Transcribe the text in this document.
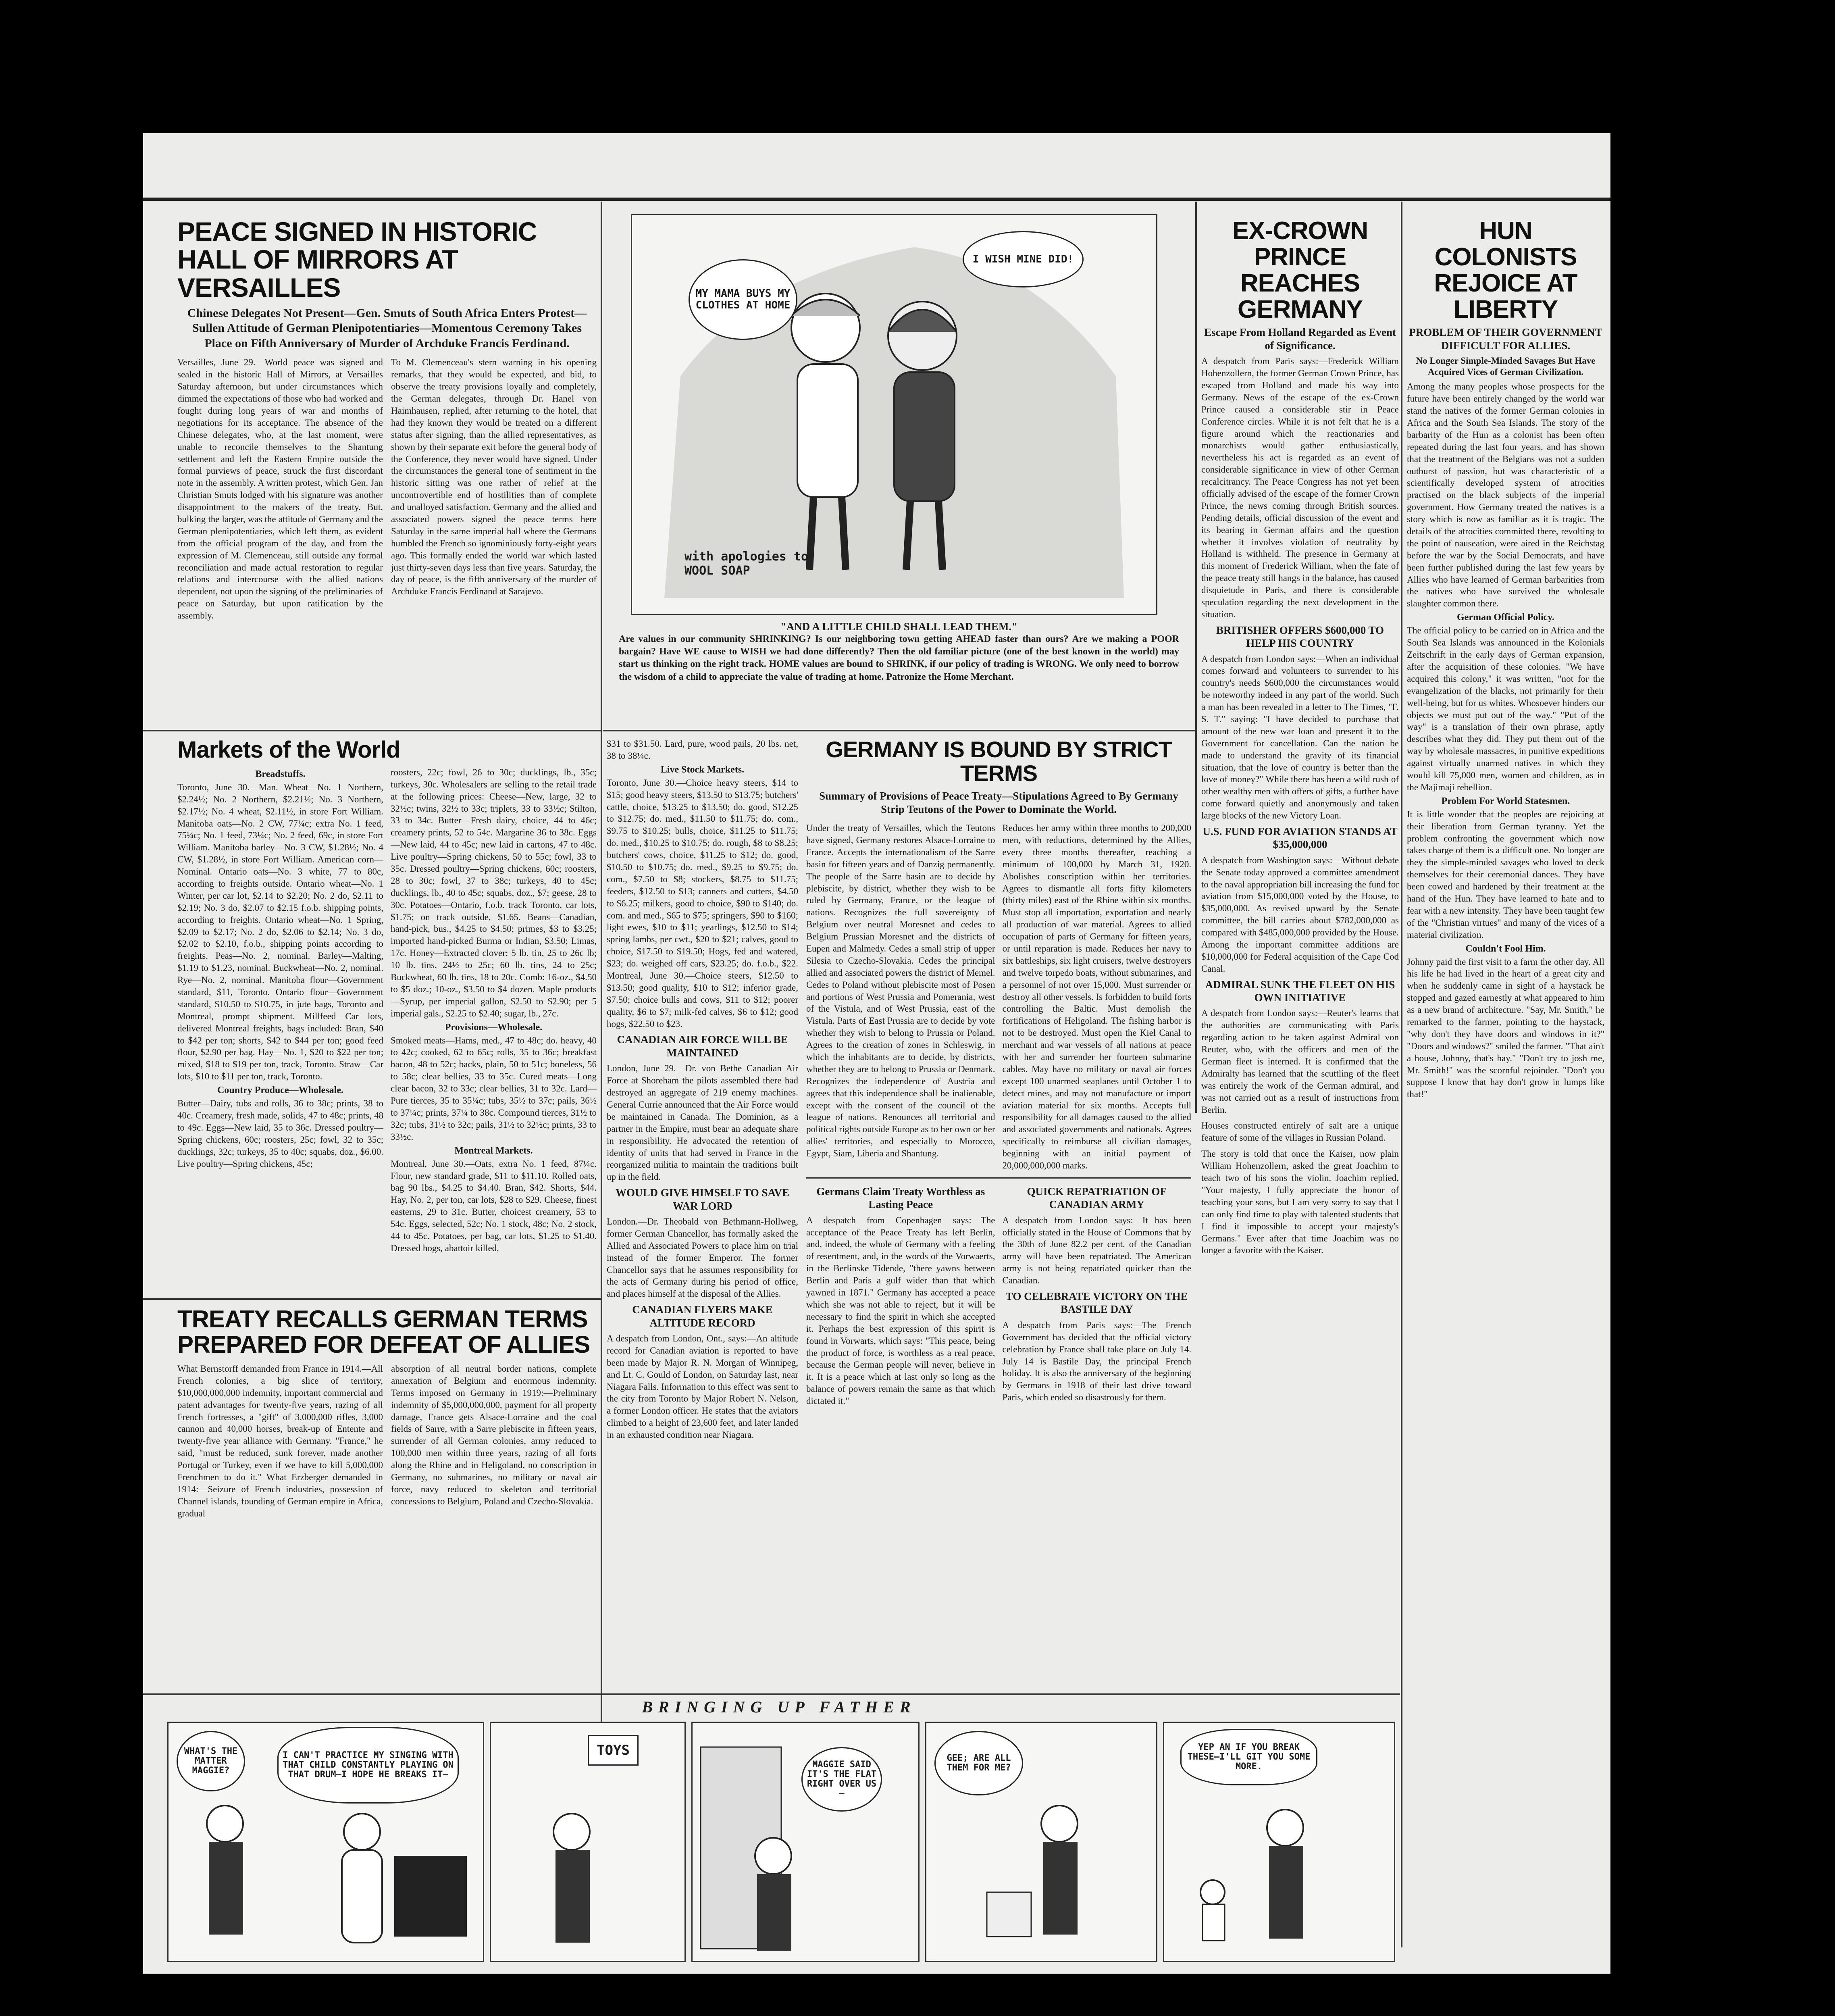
PEACE SIGNED IN HISTORIC HALL OF MIRRORS AT VERSAILLES
Chinese Delegates Not Present—Gen. Smuts of South Africa Enters Protest—Sullen Attitude of German Plenipotentiaries—Momentous Ceremony Takes Place on Fifth Anniversary of Murder of Archduke Francis Ferdinand.

Versailles, June 29.—World peace was signed and sealed in the historic Hall of Mirrors, at Versailles Saturday afternoon, but under circumstances which dimmed the expectations of those who had worked and fought during long years of war and months of negotiations for its acceptance. The absence of the Chinese delegates, who, at the last moment, were unable to reconcile themselves to the Shantung settlement and left the Eastern Empire outside the formal purviews of peace, struck the first discordant note in the assembly. A written protest, which Gen. Jan Christian Smuts lodged with his signature was another disappointment to the makers of the treaty. But, bulking the larger, was the attitude of Germany and the German plenipotentiaries, which left them, as evident from the official program of the day, and from the expression of M. Clemenceau, still outside any formal reconciliation and made actual restoration to regular relations and intercourse with the allied nations dependent, not upon the signing of the preliminaries of peace on Saturday, but upon ratification by the assembly.

To M. Clemenceau's stern warning in his opening remarks, that they would be expected, and bid, to observe the treaty provisions loyally and completely, the German delegates, through Dr. Hanel von Haimhausen, replied, after returning to the hotel, that had they known they would be treated on a different status after signing, than the allied representatives, as shown by their separate exit before the general body of the Conference, they never would have signed. Under the circumstances the general tone of sentiment in the historic sitting was one rather of relief at the uncontrovertible end of hostilities than of complete and unalloyed satisfaction. Germany and the allied and associated powers signed the peace terms here Saturday in the same imperial hall where the Germans humbled the French so ignominiously forty-eight years ago. This formally ended the world war which lasted just thirty-seven days less than five years. Saturday, the day of peace, is the fifth anniversary of the murder of Archduke Francis Ferdinand at Sarajevo.

MY MAMA BUYS MY CLOTHES AT HOME
I WISH MINE DID!
with apologies to WOOL SOAP
"AND A LITTLE CHILD SHALL LEAD THEM."

Are values in our community SHRINKING? Is our neighboring town getting AHEAD faster than ours? Are we making a POOR bargain? Have WE cause to WISH we had done differently? Then the old familiar picture (one of the best known in the world) may start us thinking on the right track. HOME values are bound to SHRINK, if our policy of trading is WRONG. We only need to borrow the wisdom of a child to appreciate the value of trading at home. Patronize the Home Merchant.

EX-CROWN PRINCE REACHES GERMANY
Escape From Holland Regarded as Event of Significance.

A despatch from Paris says:—Frederick William Hohenzollern, the former German Crown Prince, has escaped from Holland and made his way into Germany. News of the escape of the ex-Crown Prince caused a considerable stir in Peace Conference circles. While it is not felt that he is a figure around which the reactionaries and monarchists would gather enthusiastically, nevertheless his act is regarded as an event of considerable significance in view of other German recalcitrancy. The Peace Congress has not yet been officially advised of the escape of the former Crown Prince, the news coming through British sources. Pending details, official discussion of the event and its bearing in German affairs and the question whether it involves violation of neutrality by Holland is withheld. The presence in Germany at this moment of Frederick William, when the fate of the peace treaty still hangs in the balance, has caused disquietude in Paris, and there is considerable speculation regarding the next development in the situation.

BRITISHER OFFERS $600,000 TO HELP HIS COUNTRY

A despatch from London says:—When an individual comes forward and volunteers to surrender to his country's needs $600,000 the circumstances would be noteworthy indeed in any part of the world. Such a man has been revealed in a letter to The Times, "F. S. T." saying: "I have decided to purchase that amount of the new war loan and present it to the Government for cancellation. Can the nation be made to understand the gravity of its financial situation, that the love of country is better than the love of money?" While there has been a wild rush of other wealthy men with offers of gifts, a further have come forward quietly and anonymously and taken large blocks of the new Victory Loan.

U.S. FUND FOR AVIATION STANDS AT $35,000,000

A despatch from Washington says:—Without debate the Senate today approved a committee amendment to the naval appropriation bill increasing the fund for aviation from $15,000,000 voted by the House, to $35,000,000. As revised upward by the Senate committee, the bill carries about $782,000,000 as compared with $485,000,000 provided by the House. Among the important committee additions are $10,000,000 for Federal acquisition of the Cape Cod Canal.

ADMIRAL SUNK THE FLEET ON HIS OWN INITIATIVE

A despatch from London says:—Reuter's learns that the authorities are communicating with Paris regarding action to be taken against Admiral von Reuter, who, with the officers and men of the German fleet is interned. It is confirmed that the Admiralty has learned that the scuttling of the fleet was entirely the work of the German admiral, and was not carried out as a result of instructions from Berlin.

Houses constructed entirely of salt are a unique feature of some of the villages in Russian Poland.

The story is told that once the Kaiser, now plain William Hohenzollern, asked the great Joachim to teach two of his sons the violin. Joachim replied, "Your majesty, I fully appreciate the honor of teaching your sons, but I am very sorry to say that I can only find time to play with talented students that I find it impossible to accept your majesty's Germans." Ever after that time Joachim was no longer a favorite with the Kaiser.

HUN COLONISTS REJOICE AT LIBERTY
PROBLEM OF THEIR GOVERNMENT DIFFICULT FOR ALLIES.
No Longer Simple-Minded Savages But Have Acquired Vices of German Civilization.

Among the many peoples whose prospects for the future have been entirely changed by the world war stand the natives of the former German colonies in Africa and the South Sea Islands. The story of the barbarity of the Hun as a colonist has been often repeated during the last four years, and has shown that the treatment of the Belgians was not a sudden outburst of passion, but was characteristic of a scientifically developed system of atrocities practised on the black subjects of the imperial government. How Germany treated the natives is a story which is now as familiar as it is tragic. The details of the atrocities committed there, revolting to the point of nauseation, were aired in the Reichstag before the war by the Social Democrats, and have been further published during the last few years by Allies who have learned of German barbarities from the natives who have survived the wholesale slaughter common there.

German Official Policy.

The official policy to be carried on in Africa and the South Sea Islands was announced in the Kolonials Zeitschrift in the early days of German expansion, after the acquisition of these colonies. "We have acquired this colony," it was written, "not for the evangelization of the blacks, not primarily for their well-being, but for us whites. Whosoever hinders our objects we must put out of the way." "Put of the way" is a translation of their own phrase, aptly describes what they did. They put them out of the way by wholesale massacres, in punitive expeditions against virtually unarmed natives in which they would kill 75,000 men, women and children, as in the Majimaji rebellion.

Problem For World Statesmen.

It is little wonder that the peoples are rejoicing at their liberation from German tyranny. Yet the problem confronting the government which now takes charge of them is a difficult one. No longer are they the simple-minded savages who loved to deck themselves for their ceremonial dances. They have been cowed and hardened by their treatment at the hand of the Hun. They have learned to hate and to fear with a new intensity. They have been taught few of the "Christian virtues" and many of the vices of a material civilization.

Couldn't Fool Him.

Johnny paid the first visit to a farm the other day. All his life he had lived in the heart of a great city and when he suddenly came in sight of a haystack he stopped and gazed earnestly at what appeared to him as a new brand of architecture. "Say, Mr. Smith," he remarked to the farmer, pointing to the haystack, "why don't they have doors and windows in it?" "Doors and windows?" smiled the farmer. "That ain't a house, Johnny, that's hay." "Don't try to josh me, Mr. Smith!" was the scornful rejoinder. "Don't you suppose I know that hay don't grow in lumps like that!"

Markets of the World
Breadstuffs.

Toronto, June 30.—Man. Wheat—No. 1 Northern, $2.24½; No. 2 Northern, $2.21½; No. 3 Northern, $2.17½; No. 4 wheat, $2.11½, in store Fort William. Manitoba oats—No. 2 CW, 77¼c; extra No. 1 feed, 75¼c; No. 1 feed, 73¼c; No. 2 feed, 69c, in store Fort William. Manitoba barley—No. 3 CW, $1.28½; No. 4 CW, $1.28½, in store Fort William. American corn—Nominal. Ontario oats—No. 3 white, 77 to 80c, according to freights outside. Ontario wheat—No. 1 Winter, per car lot, $2.14 to $2.20; No. 2 do, $2.11 to $2.19; No. 3 do, $2.07 to $2.15 f.o.b. shipping points, according to freights. Ontario wheat—No. 1 Spring, $2.09 to $2.17; No. 2 do, $2.06 to $2.14; No. 3 do, $2.02 to $2.10, f.o.b., shipping points according to freights. Peas—No. 2, nominal. Barley—Malting, $1.19 to $1.23, nominal. Buckwheat—No. 2, nominal. Rye—No. 2, nominal. Manitoba flour—Government standard, $11, Toronto. Ontario flour—Government standard, $10.50 to $10.75, in jute bags, Toronto and Montreal, prompt shipment. Millfeed—Car lots, delivered Montreal freights, bags included: Bran, $40 to $42 per ton; shorts, $42 to $44 per ton; good feed flour, $2.90 per bag. Hay—No. 1, $20 to $22 per ton; mixed, $18 to $19 per ton, track, Toronto. Straw—Car lots, $10 to $11 per ton, track, Toronto.

Country Produce—Wholesale.

Butter—Dairy, tubs and rolls, 36 to 38c; prints, 38 to 40c. Creamery, fresh made, solids, 47 to 48c; prints, 48 to 49c. Eggs—New laid, 35 to 36c. Dressed poultry—Spring chickens, 60c; roosters, 25c; fowl, 32 to 35c; ducklings, 32c; turkeys, 35 to 40c; squabs, doz., $6.00. Live poultry—Spring chickens, 45c;

roosters, 22c; fowl, 26 to 30c; ducklings, lb., 35c; turkeys, 30c. Wholesalers are selling to the retail trade at the following prices: Cheese—New, large, 32 to 32½c; twins, 32½ to 33c; triplets, 33 to 33½c; Stilton, 33 to 34c. Butter—Fresh dairy, choice, 44 to 46c; creamery prints, 52 to 54c. Margarine 36 to 38c. Eggs—New laid, 44 to 45c; new laid in cartons, 47 to 48c. Live poultry—Spring chickens, 50 to 55c; fowl, 33 to 35c. Dressed poultry—Spring chickens, 60c; roosters, 28 to 30c; fowl, 37 to 38c; turkeys, 40 to 45c; ducklings, lb., 40 to 45c; squabs, doz., $7; geese, 28 to 30c. Potatoes—Ontario, f.o.b. track Toronto, car lots, $1.75; on track outside, $1.65. Beans—Canadian, hand-pick, bus., $4.25 to $4.50; primes, $3 to $3.25; imported hand-picked Burma or Indian, $3.50; Limas, 17c. Honey—Extracted clover: 5 lb. tin, 25 to 26c lb; 10 lb. tins, 24½ to 25c; 60 lb. tins, 24 to 25c; Buckwheat, 60 lb. tins, 18 to 20c. Comb: 16-oz., $4.50 to $5 doz.; 10-oz., $3.50 to $4 dozen. Maple products—Syrup, per imperial gallon, $2.50 to $2.90; per 5 imperial gals., $2.25 to $2.40; sugar, lb., 27c.

Provisions—Wholesale.

Smoked meats—Hams, med., 47 to 48c; do. heavy, 40 to 42c; cooked, 62 to 65c; rolls, 35 to 36c; breakfast bacon, 48 to 52c; backs, plain, 50 to 51c; boneless, 56 to 58c; clear bellies, 33 to 35c. Cured meats—Long clear bacon, 32 to 33c; clear bellies, 31 to 32c. Lard—Pure tierces, 35 to 35¼c; tubs, 35½ to 37c; pails, 36½ to 37¼c; prints, 37¼ to 38c. Compound tierces, 31½ to 32c; tubs, 31½ to 32c; pails, 31½ to 32½c; prints, 33 to 33½c.

Montreal Markets.

Montreal, June 30.—Oats, extra No. 1 feed, 87¼c. Flour, new standard grade, $11 to $11.10. Rolled oats, bag 90 lbs., $4.25 to $4.40. Bran, $42. Shorts, $44. Hay, No. 2, per ton, car lots, $28 to $29. Cheese, finest easterns, 29 to 31c. Butter, choicest creamery, 53 to 54c. Eggs, selected, 52c; No. 1 stock, 48c; No. 2 stock, 44 to 45c. Potatoes, per bag, car lots, $1.25 to $1.40. Dressed hogs, abattoir killed,

$31 to $31.50. Lard, pure, wood pails, 20 lbs. net, 38 to 38¼c.

Live Stock Markets.

Toronto, June 30.—Choice heavy steers, $14 to $15; good heavy steers, $13.50 to $13.75; butchers' cattle, choice, $13.25 to $13.50; do. good, $12.25 to $12.75; do. med., $11.50 to $11.75; do. com., $9.75 to $10.25; bulls, choice, $11.25 to $11.75; do. med., $10.25 to $10.75; do. rough, $8 to $8.25; butchers' cows, choice, $11.25 to $12; do. good, $10.50 to $10.75; do. med., $9.25 to $9.75; do. com., $7.50 to $8; stockers, $8.75 to $11.75; feeders, $12.50 to $13; canners and cutters, $4.50 to $6.25; milkers, good to choice, $90 to $140; do. com. and med., $65 to $75; springers, $90 to $160; light ewes, $10 to $11; yearlings, $12.50 to $14; spring lambs, per cwt., $20 to $21; calves, good to choice, $17.50 to $19.50; Hogs, fed and watered, $23; do. weighed off cars, $23.25; do. f.o.b., $22. Montreal, June 30.—Choice steers, $12.50 to $13.50; good quality, $10 to $12; inferior grade, $7.50; choice bulls and cows, $11 to $12; poorer quality, $6 to $7; milk-fed calves, $6 to $12; good hogs, $22.50 to $23.

CANADIAN AIR FORCE WILL BE MAINTAINED

London, June 29.—Dr. von Bethe Canadian Air Force at Shoreham the pilots assembled there had destroyed an aggregate of 219 enemy machines. General Currie announced that the Air Force would be maintained in Canada. The Dominion, as a partner in the Empire, must bear an adequate share in responsibility. He advocated the retention of identity of units that had served in France in the reorganized militia to maintain the traditions built up in the field.

WOULD GIVE HIMSELF TO SAVE WAR LORD

London.—Dr. Theobald von Bethmann-Hollweg, former German Chancellor, has formally asked the Allied and Associated Powers to place him on trial instead of the former Emperor. The former Chancellor says that he assumes responsibility for the acts of Germany during his period of office, and places himself at the disposal of the Allies.

CANADIAN FLYERS MAKE ALTITUDE RECORD

A despatch from London, Ont., says:—An altitude record for Canadian aviation is reported to have been made by Major R. N. Morgan of Winnipeg, and Lt. C. Gould of London, on Saturday last, near Niagara Falls. Information to this effect was sent to the city from Toronto by Major Robert N. Nelson, a former London officer. He states that the aviators climbed to a height of 23,600 feet, and later landed in an exhausted condition near Niagara.

GERMANY IS BOUND BY STRICT TERMS
Summary of Provisions of Peace Treaty—Stipulations Agreed to By Germany Strip Teutons of the Power to Dominate the World.

Under the treaty of Versailles, which the Teutons have signed, Germany restores Alsace-Lorraine to France. Accepts the internationalism of the Sarre basin for fifteen years and of Danzig permanently. The people of the Sarre basin are to decide by plebiscite, by district, whether they wish to be ruled by Germany, France, or the league of nations. Recognizes the full sovereignty of Belgium over neutral Moresnet and cedes to Belgium Prussian Moresnet and the districts of Eupen and Malmedy. Cedes a small strip of upper Silesia to Czecho-Slovakia. Cedes the principal allied and associated powers the district of Memel. Cedes to Poland without plebiscite most of Posen and portions of West Prussia and Pomerania, west of the Vistula, and of West Prussia, east of the Vistula. Parts of East Prussia are to decide by vote whether they wish to belong to Prussia or Poland. Agrees to the creation of zones in Schleswig, in which the inhabitants are to decide, by districts, whether they are to belong to Prussia or Denmark. Recognizes the independence of Austria and agrees that this independence shall be inalienable, except with the consent of the council of the league of nations. Renounces all territorial and political rights outside Europe as to her own or her allies' territories, and especially to Morocco, Egypt, Siam, Liberia and Shantung.

Reduces her army within three months to 200,000 men, with reductions, determined by the Allies, every three months thereafter, reaching a minimum of 100,000 by March 31, 1920. Abolishes conscription within her territories. Agrees to dismantle all forts fifty kilometers (thirty miles) east of the Rhine within six months. Must stop all importation, exportation and nearly all production of war material. Agrees to allied occupation of parts of Germany for fifteen years, or until reparation is made. Reduces her navy to six battleships, six light cruisers, twelve destroyers and twelve torpedo boats, without submarines, and a personnel of not over 15,000. Must surrender or destroy all other vessels. Is forbidden to build forts controlling the Baltic. Must demolish the fortifications of Heligoland. The fishing harbor is not to be destroyed. Must open the Kiel Canal to merchant and war vessels of all nations at peace with her and surrender her fourteen submarine cables. May have no military or naval air forces except 100 unarmed seaplanes until October 1 to detect mines, and may not manufacture or import aviation material for six months. Accepts full responsibility for all damages caused to the allied and associated governments and nationals. Agrees specifically to reimburse all civilian damages, beginning with an initial payment of 20,000,000,000 marks.

Germans Claim Treaty Worthless as Lasting Peace

A despatch from Copenhagen says:—The acceptance of the Peace Treaty has left Berlin, and, indeed, the whole of Germany with a feeling of resentment, and, in the words of the Vorwaerts, in the Berlinske Tidende, "there yawns between Berlin and Paris a gulf wider than that which yawned in 1871." Germany has accepted a peace which she was not able to reject, but it will be necessary to find the spirit in which she accepted it. Perhaps the best expression of this spirit is found in Vorwarts, which says: "This peace, being the product of force, is worthless as a real peace, because the German people will never, believe in it. It is a peace which at last only so long as the balance of powers remain the same as that which dictated it."

QUICK REPATRIATION OF CANADIAN ARMY

A despatch from London says:—It has been officially stated in the House of Commons that by the 30th of June 82.2 per cent. of the Canadian army will have been repatriated. The American army is not being repatriated quicker than the Canadian.

TO CELEBRATE VICTORY ON THE BASTILE DAY

A despatch from Paris says:—The French Government has decided that the official victory celebration by France shall take place on July 14. July 14 is Bastile Day, the principal French holiday. It is also the anniversary of the beginning by Germans in 1918 of their last drive toward Paris, which ended so disastrously for them.

TREATY RECALLS GERMAN TERMS PREPARED FOR DEFEAT OF ALLIES

What Bernstorff demanded from France in 1914.—All French colonies, a big slice of territory, $10,000,000,000 indemnity, important commercial and patent advantages for twenty-five years, razing of all French fortresses, a "gift" of 3,000,000 rifles, 3,000 cannon and 40,000 horses, break-up of Entente and twenty-five year alliance with Germany. "France," he said, "must be reduced, sunk forever, made another Portugal or Turkey, even if we have to kill 5,000,000 Frenchmen to do it." What Erzberger demanded in 1914:—Seizure of French industries, possession of Channel islands, founding of German empire in Africa, gradual

absorption of all neutral border nations, complete annexation of Belgium and enormous indemnity. Terms imposed on Germany in 1919:—Preliminary indemnity of $5,000,000,000, payment for all property damage, France gets Alsace-Lorraine and the coal fields of Sarre, with a Sarre plebiscite in fifteen years, surrender of all German colonies, army reduced to 100,000 men within three years, razing of all forts along the Rhine and in Heligoland, no conscription in Germany, no submarines, no military or naval air force, navy reduced to skeleton and territorial concessions to Belgium, Poland and Czecho-Slovakia.

BRINGING UP FATHER
WHAT'S THE MATTER MAGGIE?
I CAN'T PRACTICE MY SINGING WITH THAT CHILD CONSTANTLY PLAYING ON THAT DRUM—I HOPE HE BREAKS IT—
TOYS
MAGGIE SAID IT'S THE FLAT RIGHT OVER US—
GEE; ARE ALL THEM FOR ME?
YEP AN IF YOU BREAK THESE—I'LL GIT YOU SOME MORE.
